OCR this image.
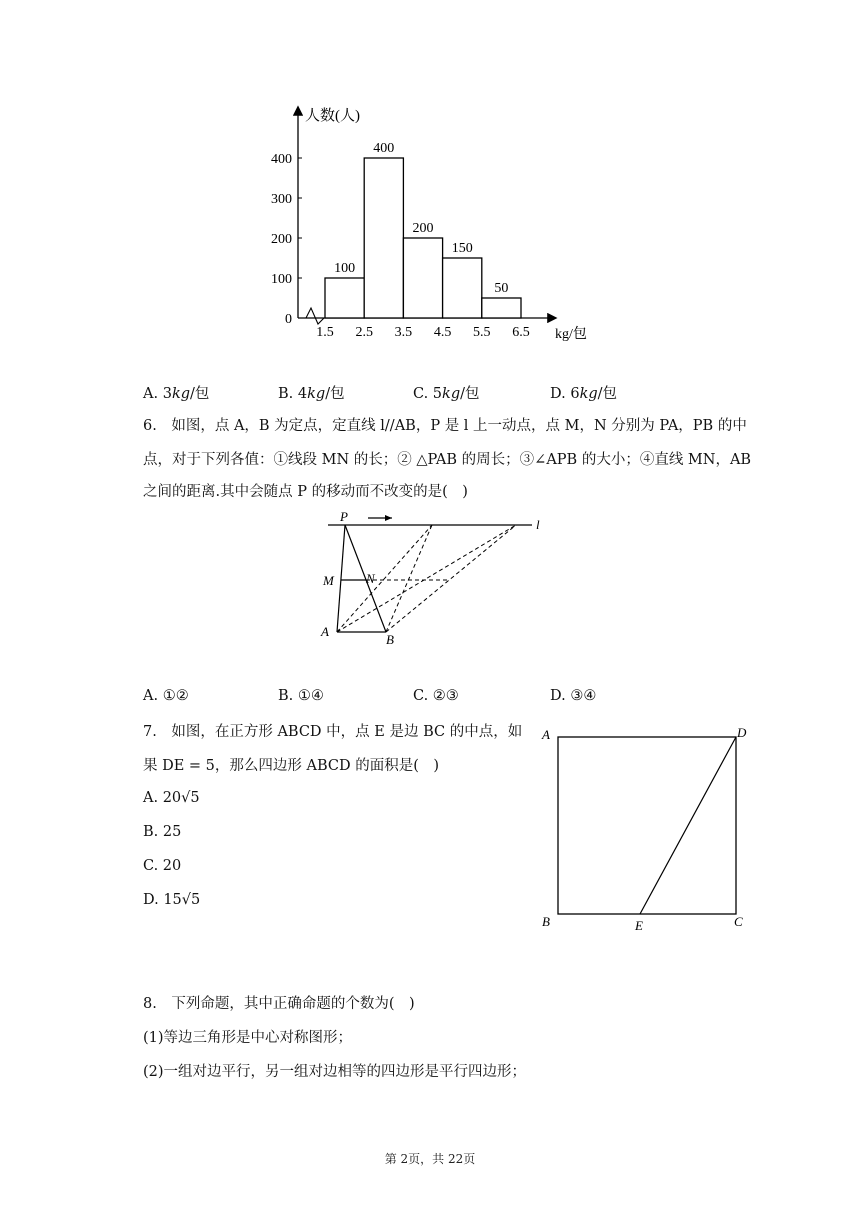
人数(人)
kg/包
0
100
200
300
400
1.5 2.5 3.5 4.5 5.5 6.5
100
400
200
150
50
A. 3kg/包	B. 4kg/包	C. 5kg/包	D. 6kg/包
6.　如图，点 A，B 为定点，定直线 l//AB，P 是 l 上一动点，点 M，N 分别为 PA，PB 的中
点，对于下列各值：①线段 MN 的长；② △PAB 的周长；③∠APB 的大小；④直线 MN，AB
之间的距离.其中会随点 P 的移动而不改变的是(　)
P
l
M N
A
B
A. ①②	B. ①④	C. ②③	D. ③④
7.　如图，在正方形 ABCD 中，点 E 是边 BC 的中点，如
果 DE = 5，那么四边形 ABCD 的面积是(　)
A. 20√5
B. 25
C. 20
D. 15√5
A	D
B	C
E
8.　下列命题，其中正确命题的个数为(　)
(1)等边三角形是中心对称图形；
(2)一组对边平行，另一组对边相等的四边形是平行四边形；
第 2页，共 22页
